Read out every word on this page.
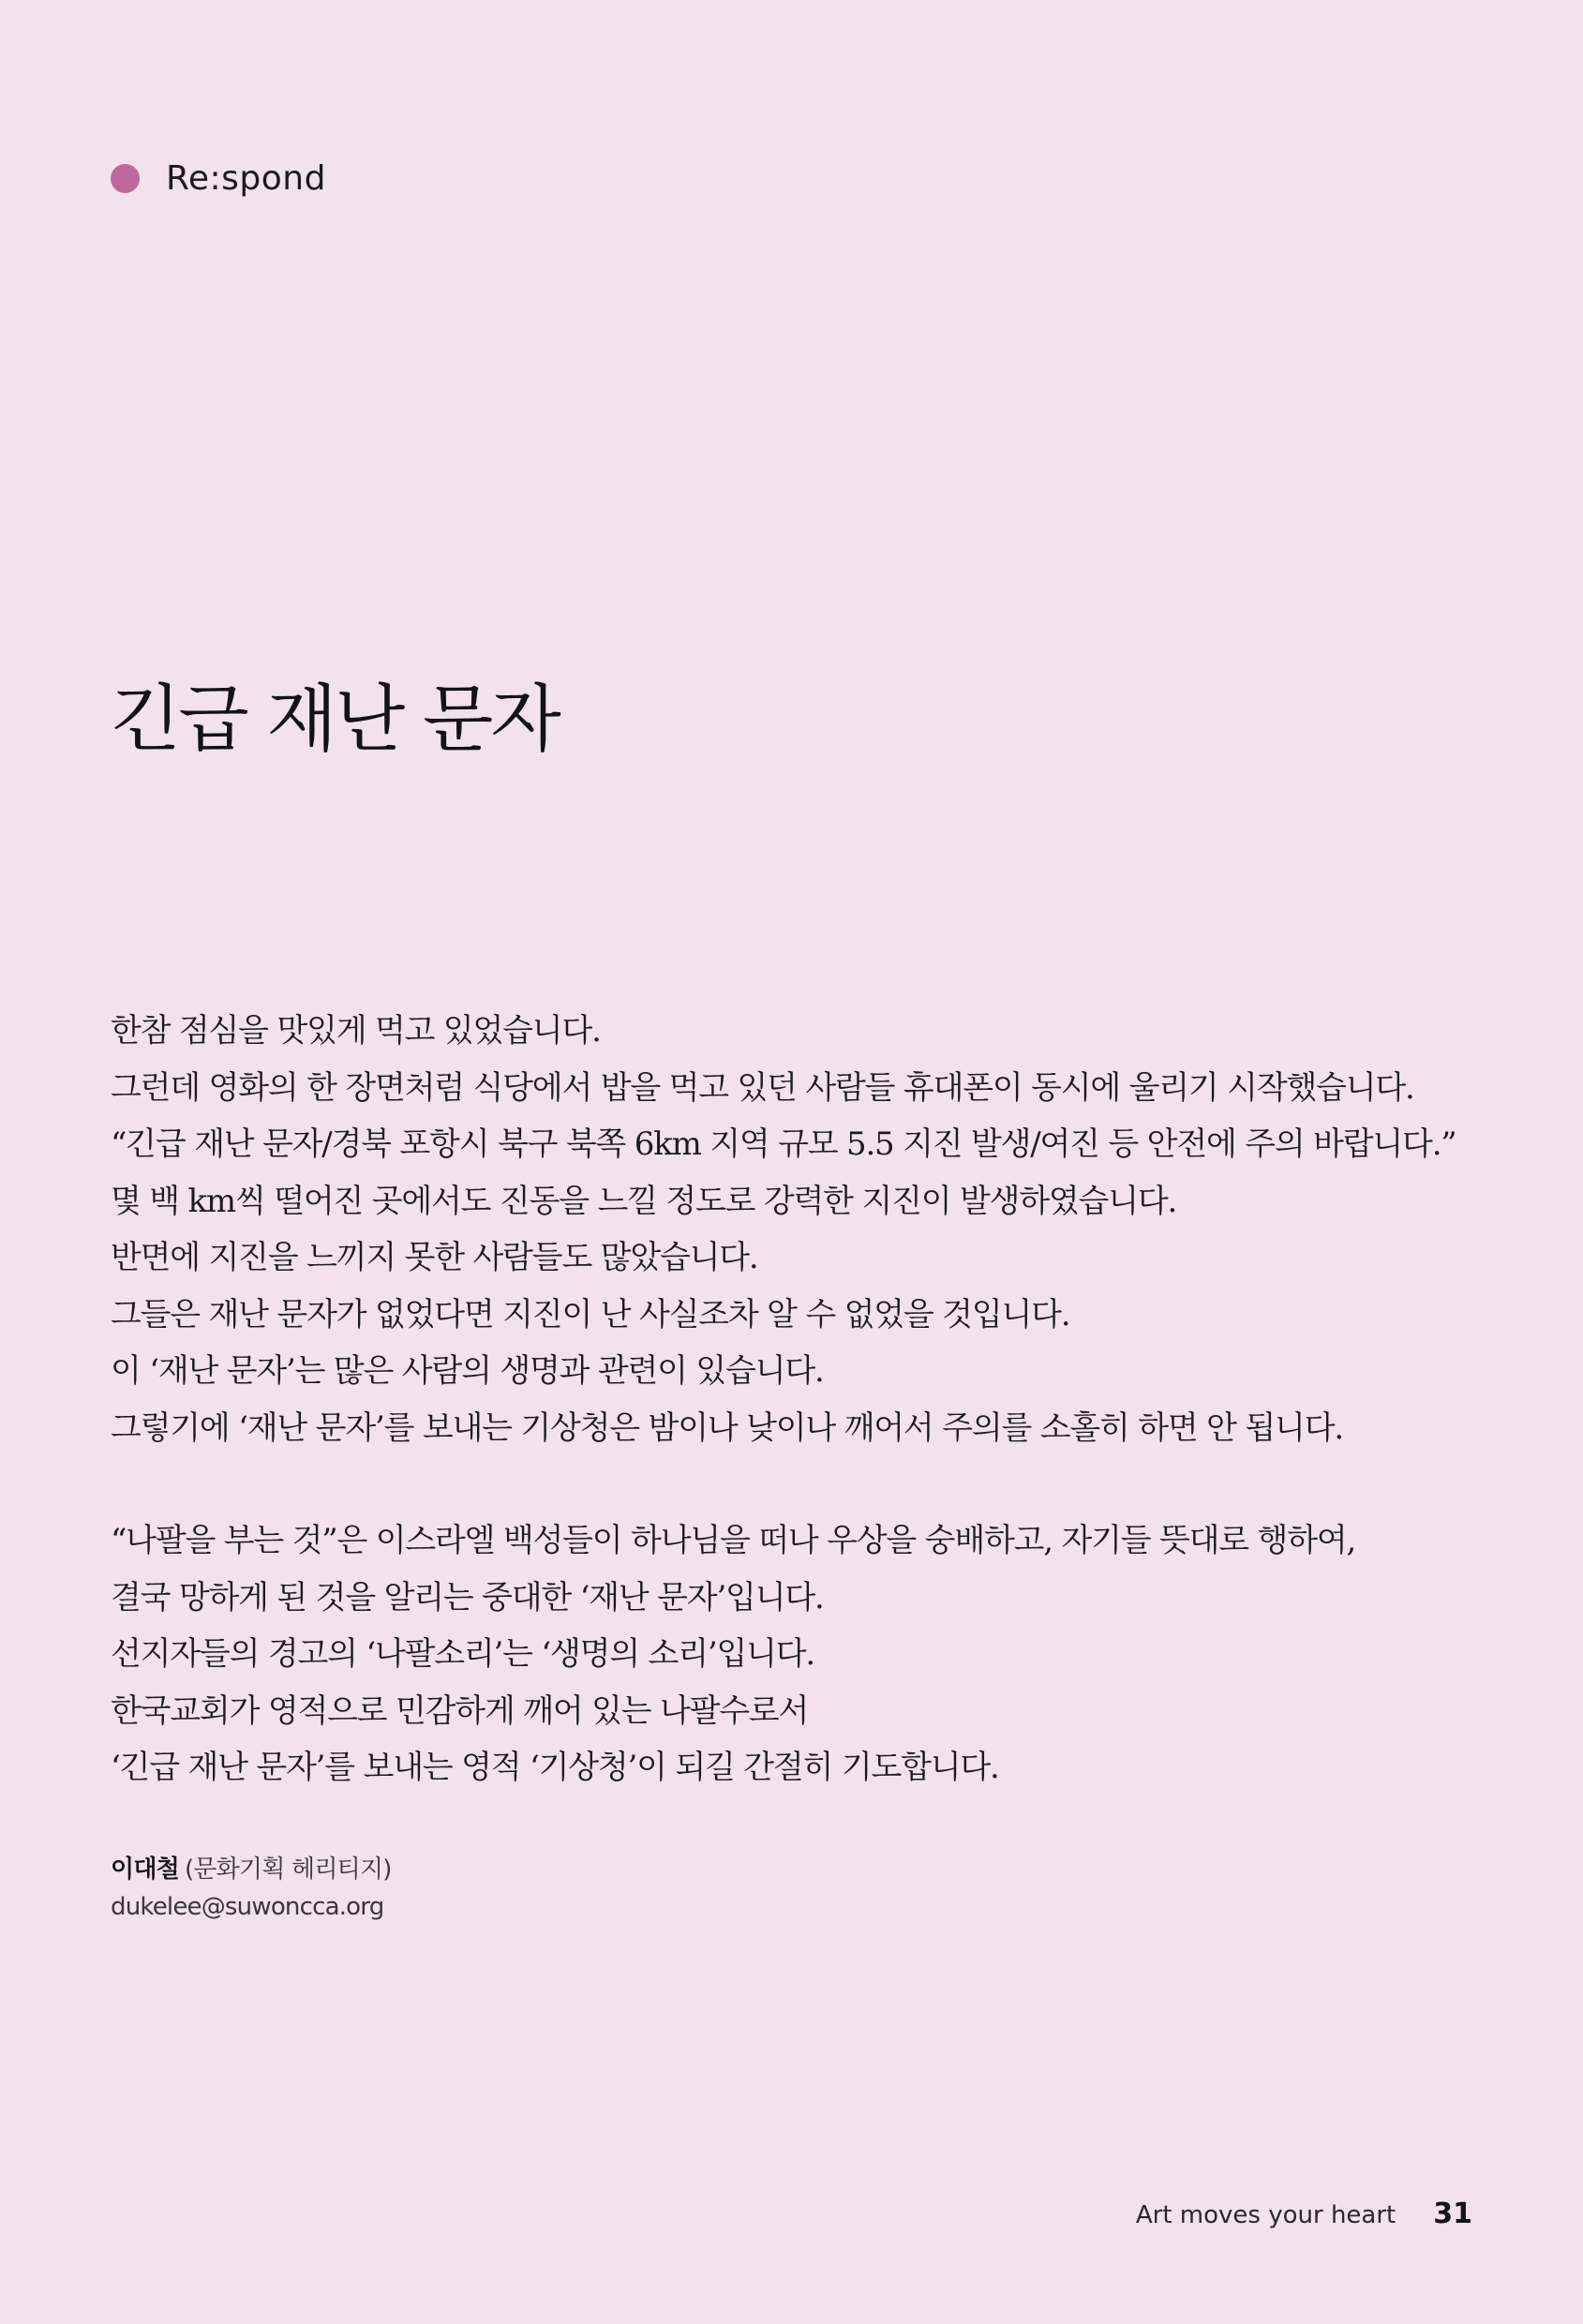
Re:spond
긴급 재난 문자

한참 점심을 맛있게 먹고 있었습니다.

그런데 영화의 한 장면처럼 식당에서 밥을 먹고 있던 사람들 휴대폰이 동시에 울리기 시작했습니다.

“긴급 재난 문자/경북 포항시 북구 북쪽 6km 지역 규모 5.5 지진 발생/여진 등 안전에 주의 바랍니다.”

몇 백 km씩 떨어진 곳에서도 진동을 느낄 정도로 강력한 지진이 발생하였습니다.

반면에 지진을 느끼지 못한 사람들도 많았습니다.

그들은 재난 문자가 없었다면 지진이 난 사실조차 알 수 없었을 것입니다.

이 ‘재난 문자’는 많은 사람의 생명과 관련이 있습니다.

그렇기에 ‘재난 문자’를 보내는 기상청은 밤이나 낮이나 깨어서 주의를 소홀히 하면 안 됩니다.

“나팔을 부는 것”은 이스라엘 백성들이 하나님을 떠나 우상을 숭배하고, 자기들 뜻대로 행하여,

결국 망하게 된 것을 알리는 중대한 ‘재난 문자’입니다.

선지자들의 경고의 ‘나팔소리’는 ‘생명의 소리’입니다.

한국교회가 영적으로 민감하게 깨어 있는 나팔수로서

‘긴급 재난 문자’를 보내는 영적 ‘기상청’이 되길 간절히 기도합니다.

이대철 (문화기획 헤리티지)
dukelee@suwoncca.org
Art moves your heart 31
